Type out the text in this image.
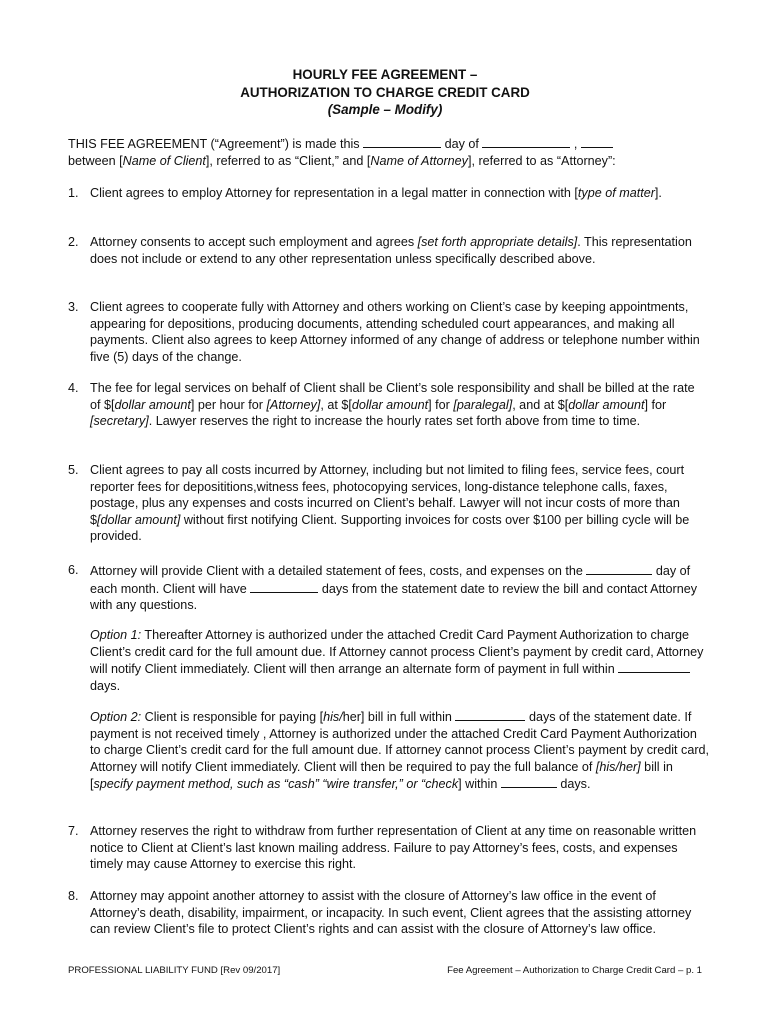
HOURLY FEE AGREEMENT –
AUTHORIZATION TO CHARGE CREDIT CARD
(Sample – Modify)
THIS FEE AGREEMENT (“Agreement”) is made this	day of	,
between [Name of Client], referred to as “Client,” and [Name of Attorney], referred to as “Attorney”:
1. Client agrees to employ Attorney for representation in a legal matter in connection with [type of matter].
2. Attorney consents to accept such employment and agrees [set forth appropriate details]. This representation does not include or extend to any other representation unless specifically described above.
3. Client agrees to cooperate fully with Attorney and others working on Client’s case by keeping appointments, appearing for depositions, producing documents, attending scheduled court appearances, and making all payments. Client also agrees to keep Attorney informed of any change of address or telephone number within five (5) days of the change.
4. The fee for legal services on behalf of Client shall be Client’s sole responsibility and shall be billed at the rate of $[dollar amount] per hour for [Attorney], at $[dollar amount] for [paralegal], and at $[dollar amount] for [secretary]. Lawyer reserves the right to increase the hourly rates set forth above from time to time.
5. Client agrees to pay all costs incurred by Attorney, including but not limited to filing fees, service fees, court reporter fees for deposititions,witness fees, photocopying services, long-distance telephone calls, faxes, postage, plus any expenses and costs incurred on Client’s behalf. Lawyer will not incur costs of more than $[dollar amount] without first notifying Client. Supporting invoices for costs over $100 per billing cycle will be provided.
6. Attorney will provide Client with a detailed statement of fees, costs, and expenses on the	day of each month. Client will have	days from the statement date to review the bill and contact Attorney with any questions.
Option 1: Thereafter Attorney is authorized under the attached Credit Card Payment Authorization to charge Client’s credit card for the full amount due. If Attorney cannot process Client’s payment by credit card, Attorney will notify Client immediately. Client will then arrange an alternate form of payment in full within  days.
Option 2: Client is responsible for paying [his/her] bill in full within	days of the statement date. If payment is not received timely , Attorney is authorized under the attached Credit Card Payment Authorization to charge Client’s credit card for the full amount due. If attorney cannot process Client’s payment by credit card, Attorney will notify Client immediately. Client will then be required to pay the full balance of [his/her] bill in [specify payment method, such as “cash” “wire transfer,” or “check] within	days.
7. Attorney reserves the right to withdraw from further representation of Client at any time on reasonable written notice to Client at Client’s last known mailing address. Failure to pay Attorney’s fees, costs, and expenses timely may cause Attorney to exercise this right.
8. Attorney may appoint another attorney to assist with the closure of Attorney’s law office in the event of Attorney’s death, disability, impairment, or incapacity. In such event, Client agrees that the assisting attorney can review Client’s file to protect Client’s rights and can assist with the closure of Attorney’s law office.
PROFESSIONAL LIABILITY FUND [Rev 09/2017]	Fee Agreement – Authorization to Charge Credit Card – p. 1
